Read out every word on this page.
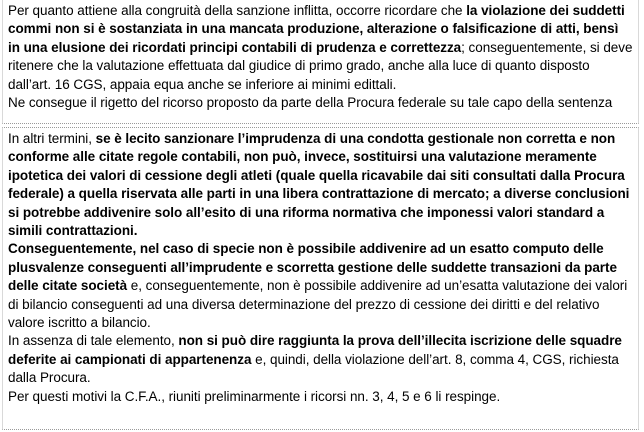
Per quanto attiene alla congruità della sanzione inflitta, occorre ricordare che la violazione dei suddetti commi non si è sostanziata in una mancata produzione, alterazione o falsificazione di atti, bensì in una elusione dei ricordati principi contabili di prudenza e correttezza; conseguentemente, si deve ritenere che la valutazione effettuata dal giudice di primo grado, anche alla luce di quanto disposto dall’art. 16 CGS, appaia equa anche se inferiore ai minimi edittali.

Ne consegue il rigetto del ricorso proposto da parte della Procura federale su tale capo della sentenza

In altri termini, se è lecito sanzionare l’imprudenza di una condotta gestionale non corretta e non conforme alle citate regole contabili, non può, invece, sostituirsi una valutazione meramente ipotetica dei valori di cessione degli atleti (quale quella ricavabile dai siti consultati dalla Procura federale) a quella riservata alle parti in una libera contrattazione di mercato; a diverse conclusioni si potrebbe addivenire solo all’esito di una riforma normativa che imponessi valori standard a simili contrattazioni.

Conseguentemente, nel caso di specie non è possibile addivenire ad un esatto computo delle plusvalenze conseguenti all’imprudente e scorretta gestione delle suddette transazioni da parte delle citate società e, conseguentemente, non è possibile addivenire ad un’esatta valutazione dei valori di bilancio conseguenti ad una diversa determinazione del prezzo di cessione dei diritti e del relativo valore iscritto a bilancio.

In assenza di tale elemento, non si può dire raggiunta la prova dell’illecita iscrizione delle squadre deferite ai campionati di appartenenza e, quindi, della violazione dell’art. 8, comma 4, CGS, richiesta dalla Procura.

Per questi motivi la C.F.A., riuniti preliminarmente i ricorsi nn. 3, 4, 5 e 6 li respinge.
